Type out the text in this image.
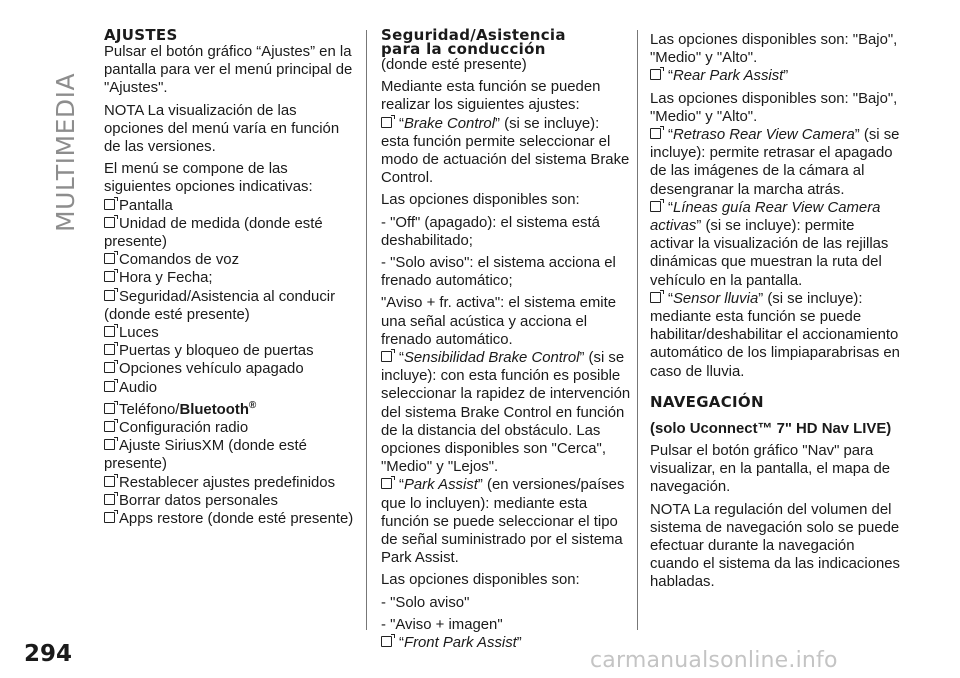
MULTIMEDIA
AJUSTES

Pulsar el botón gráfico “Ajustes” en la pantalla para ver el menú principal de "Ajustes".

NOTA La visualización de las opciones del menú varía en función de las versiones.

El menú se compone de las siguientes opciones indicativas:

Pantalla
Unidad de medida (donde esté presente)
Comandos de voz
Hora y Fecha;
Seguridad/Asistencia al conducir (donde esté presente)
Luces
Puertas y bloqueo de puertas
Opciones vehículo apagado
Audio
Teléfono/Bluetooth®
Configuración radio
Ajuste SiriusXM (donde esté presente)
Restablecer ajustes predefinidos
Borrar datos personales
Apps restore (donde esté presente)
Seguridad/Asistencia
para la conducción

(donde esté presente)

Mediante esta función se pueden realizar los siguientes ajustes:

“Brake Control” (si se incluye): esta función permite seleccionar el modo de actuación del sistema Brake Control.

Las opciones disponibles son:

- "Off" (apagado): el sistema está deshabilitado;

- "Solo aviso": el sistema acciona el frenado automático;

"Aviso + fr. activa": el sistema emite una señal acústica y acciona el frenado automático.

“Sensibilidad Brake Control” (si se incluye): con esta función es posible seleccionar la rapidez de intervención del sistema Brake Control en función de la distancia del obstáculo. Las opciones disponibles son "Cerca", "Medio" y "Lejos".

“Park Assist” (en versiones/países que lo incluyen): mediante esta función se puede seleccionar el tipo de señal suministrado por el sistema Park Assist.

Las opciones disponibles son:

- "Solo aviso"

- "Aviso + imagen"

“Front Park Assist”

Las opciones disponibles son: "Bajo", "Medio" y "Alto".

“Rear Park Assist”

Las opciones disponibles son: "Bajo", "Medio" y "Alto".

“Retraso Rear View Camera” (si se incluye): permite retrasar el apagado de las imágenes de la cámara al desengranar la marcha atrás.

“Líneas guía Rear View Camera activas” (si se incluye): permite activar la visualización de las rejillas dinámicas que muestran la ruta del vehículo en la pantalla.

“Sensor lluvia” (si se incluye): mediante esta función se puede habilitar/deshabilitar el accionamiento automático de los limpiaparabrisas en caso de lluvia.

NAVEGACIÓN

(solo Uconnect™ 7" HD Nav LIVE)

Pulsar el botón gráfico "Nav" para visualizar, en la pantalla, el mapa de navegación.

NOTA La regulación del volumen del sistema de navegación solo se puede efectuar durante la navegación cuando el sistema da las indicaciones habladas.

294	carmanualsonline.info
